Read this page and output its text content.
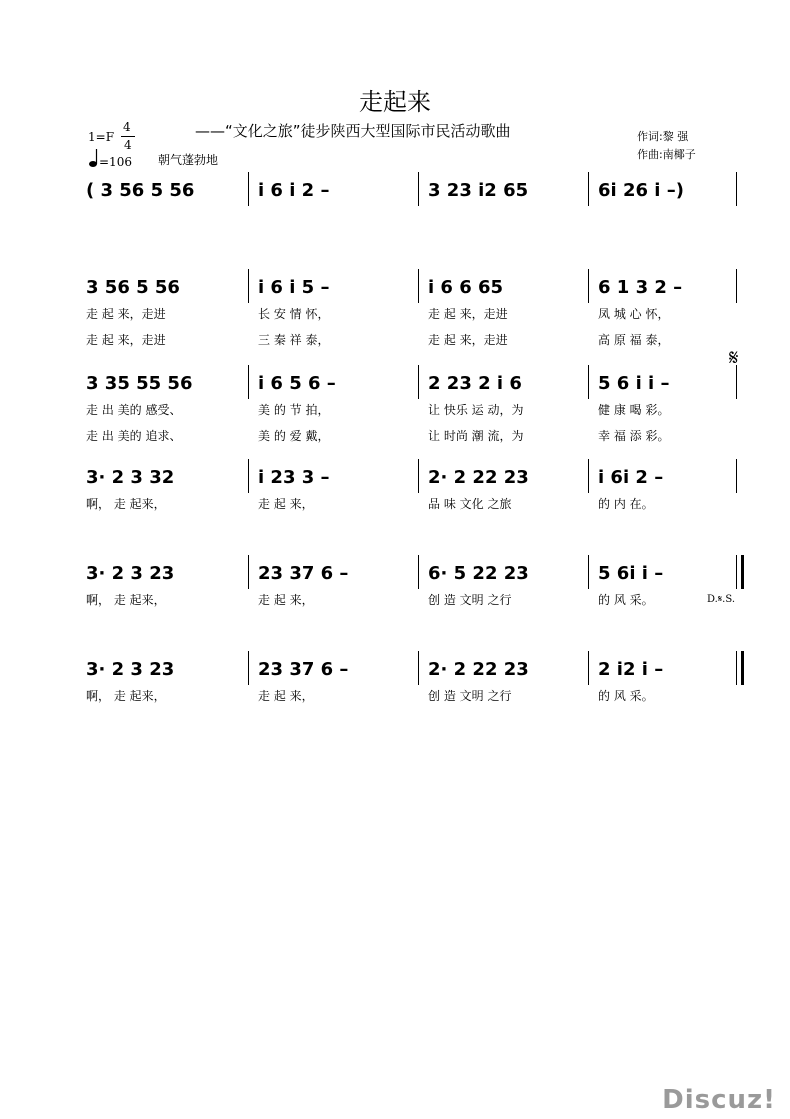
走起来
——“文化之旅”徒步陕西大型国际市民活动歌曲	作词:黎 强
作曲:南椰子
1=F
4
4
=106 朝气蓬勃地
( 3 56 5 56	i 6 i 2 –	3 23 i2 65	6i 26 i –)
3 56 5 56	i 6 i 5 –	i 6 6 65	6 1 3 2 –
走 起 来，走进	长 安 情 怀，	走 起 来，走进	凤 城 心 怀，
走 起 来，走进	三 秦 祥 泰，	走 起 来，走进	高 原 福 泰，
3 35 55 56	i 6 5 6 –	2 23 2 i 6	5 6 i i –
走 出 美的 感受、	美 的 节 拍，	让 快乐 运 动，为	健 康 喝 彩。
走 出 美的 追求、	美 的 爱 戴，	让 时尚 潮 流，为	幸 福 添 彩。
3· 2 3 32	i 23 3 –	2· 2 22 23	i 6i 2 –
啊， 走 起来，	走 起 来，	品 味 文化 之旅	的 内 在。
3· 2 3 23	23 37 6 –	6· 5 22 23	5 6i i –
啊， 走 起来，	走 起 来，	创 造 文明 之行	的 风 采。
3· 2 3 23	23 37 6 –	2· 2 22 23	2 i2 i –
啊， 走 起来，	走 起 来，	创 造 文明 之行	的 风 采。
𝄋
D.𝄋.S.
Discuz!
